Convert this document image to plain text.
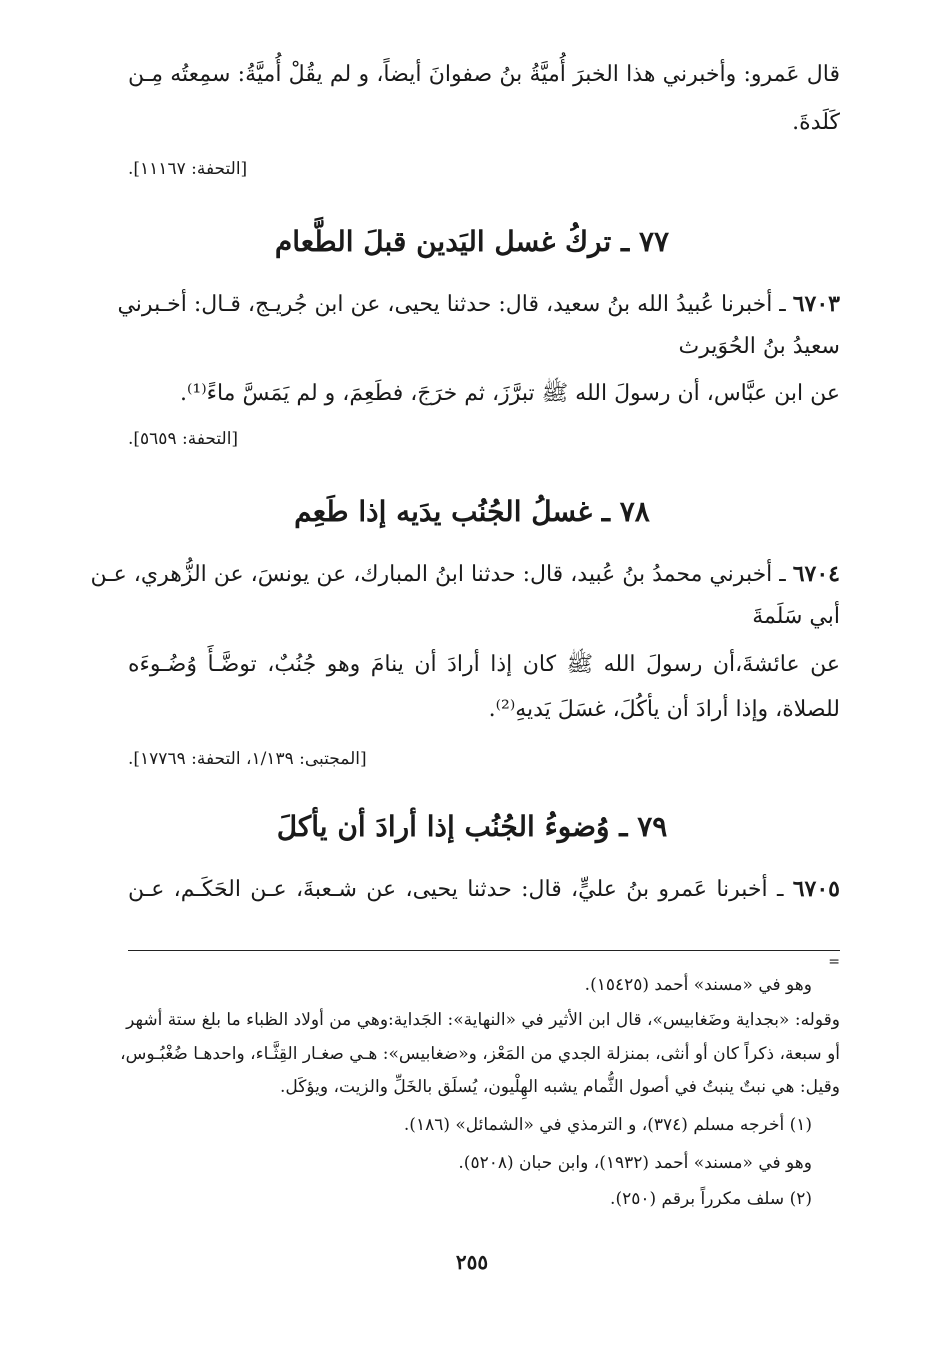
قال عَمرو: وأخبرني هذا الخبرَ أُميَّةُ بنُ صفوانَ أيضاً، و لم يقُلْ أُميَّةُ: سمِعتُه مِـن
كَلَدةَ.
[التحفة: ١١١٦٧].
٧٧ ـ تركُ غسل اليَدين قبلَ الطَّعام
٦٧٠٣ ـ أخبرنا عُبيدُ الله بنُ سعيد، قال: حدثنا يحيى، عن ابن جُريـج، قـال: أخـبرني
سعيدُ بنُ الحُوَيرث
عن ابن عبَّاس، أن رسولَ الله ﷺ تبرَّزَ، ثم خرَجَ، فطَعِمَ، و لم يَمَسَّ ماءً⁽¹⁾.
[التحفة: ٥٦٥٩].
٧٨ ـ غسلُ الجُنُب يدَيه إذا طَعِم
٦٧٠٤ ـ أخبرني محمدُ بنُ عُبيد، قال: حدثنا ابنُ المبارك، عن يونسَ، عن الزُّهري، عـن
أبي سَلَمةَ
عن عائشةَ،أن رسولَ الله ﷺ كان إذا أرادَ أن ينامَ وهو جُنُبٌ، توضَّـأَ وُضُـوءَه
للصلاة، وإذا أرادَ أن يأكُلَ، غسَلَ يَديهِ⁽²⁾.
[المجتبى: ١/١٣٩، التحفة: ١٧٧٦٩].
٧٩ ـ وُضوءُ الجُنُب إذا أرادَ أن يأكلَ
٦٧٠٥ ـ أخبرنا عَمرو بنُ عليٍّ، قال: حدثنا يحيى، عن شـعبةَ، عـن الحَكَـم، عـن
=
وهو في «مسند» أحمد (١٥٤٢٥).
وقوله: «بجداية وضَغابيس»، قال ابن الأثير في «النهاية»: الجَداية:وهي من أولاد الظباء ما بلغ ستة أشهر
أو سبعة، ذكراً كان أو أنثى، بمنزلة الجدي من المَعْز، و«ضغابيس»: هـي صغـار القِثَّـاء، واحدهـا ضُغْبُـوس،
وقيل: هي نبتٌ ينبتُ في أصول الثُّمام يشبه الهِلْيون، يُسلَق بالخَلِّ والزيت، ويؤكَل.
(١) أخرجه مسلم (٣٧٤)، و الترمذي في «الشمائل» (١٨٦).
وهو في «مسند» أحمد (١٩٣٢)، وابن حبان (٥٢٠٨).
(٢) سلف مكرراً برقم (٢٥٠).
٢٥٥
